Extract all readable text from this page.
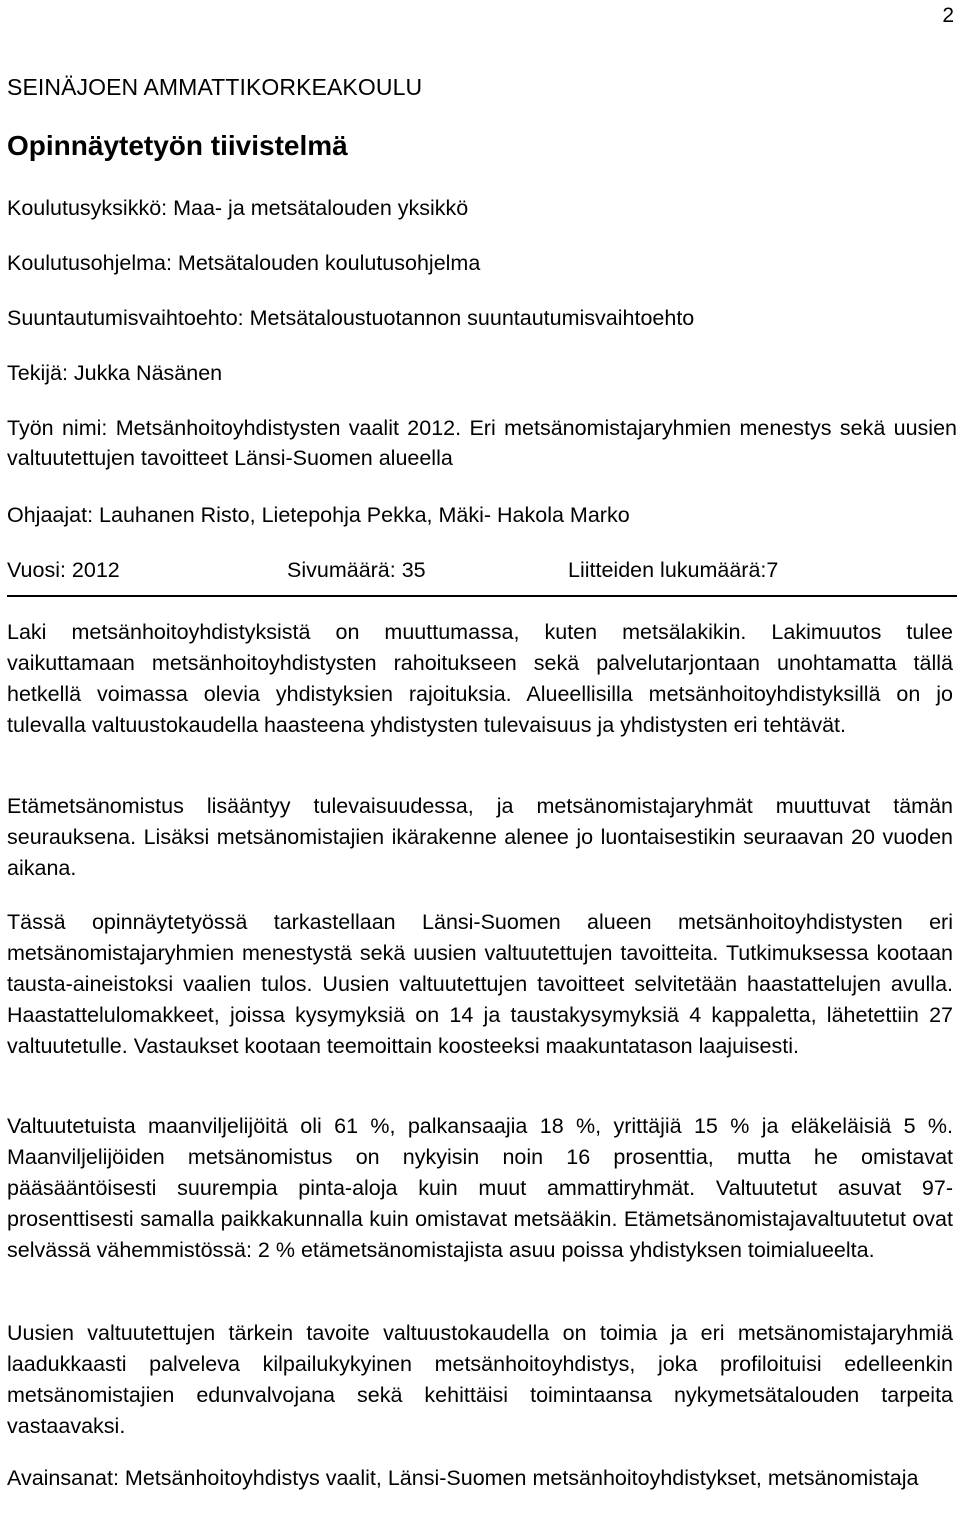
2
SEINÄJOEN AMMATTIKORKEAKOULU
Opinnäytetyön tiivistelmä
Koulutusyksikkö: Maa- ja metsätalouden yksikkö
Koulutusohjelma: Metsätalouden koulutusohjelma
Suuntautumisvaihtoehto: Metsätaloustuotannon suuntautumisvaihtoehto
Tekijä: Jukka Näsänen
Työn nimi: Metsänhoitoyhdistysten vaalit 2012. Eri metsänomistajaryhmien menestys sekä uusien valtuutettujen tavoitteet Länsi-Suomen alueella
Ohjaajat: Lauhanen Risto, Lietepohja Pekka, Mäki- Hakola Marko
Vuosi: 2012	Sivumäärä: 35	Liitteiden lukumäärä:7

Laki metsänhoitoyhdistyksistä on muuttumassa, kuten metsälakikin. Lakimuutos tulee vaikuttamaan metsänhoitoyhdistysten rahoitukseen sekä palvelutarjontaan unohtamatta tällä hetkellä voimassa olevia yhdistyksien rajoituksia. Alueellisilla metsänhoitoyhdistyksillä on jo tulevalla valtuustokaudella haasteena yhdistysten tulevaisuus ja yhdistysten eri tehtävät.

Etämetsänomistus lisääntyy tulevaisuudessa, ja metsänomistajaryhmät muuttuvat tämän seurauksena. Lisäksi metsänomistajien ikärakenne alenee jo luontaisestikin seuraavan 20 vuoden aikana.

Tässä opinnäytetyössä tarkastellaan Länsi-Suomen alueen metsänhoitoyhdistysten eri metsänomistajaryhmien menestystä sekä uusien valtuutettujen tavoitteita. Tutkimuksessa kootaan tausta-aineistoksi vaalien tulos. Uusien valtuutettujen tavoitteet selvitetään haastattelujen avulla. Haastattelulomakkeet, joissa kysymyksiä on 14 ja taustakysymyksiä 4 kappaletta, lähetettiin 27 valtuutetulle. Vastaukset kootaan teemoittain koosteeksi maakuntatason laajuisesti.

Valtuutetuista maanviljelijöitä oli 61 %, palkansaajia 18 %, yrittäjiä 15 % ja eläkeläisiä 5 %. Maanviljelijöiden metsänomistus on nykyisin noin 16 prosenttia, mutta he omistavat pääsääntöisesti suurempia pinta-aloja kuin muut ammattiryhmät. Valtuutetut asuvat 97-prosenttisesti samalla paikkakunnalla kuin omistavat metsääkin. Etämetsänomistajavaltuutetut ovat selvässä vähemmistössä: 2 % etämetsänomistajista asuu poissa yhdistyksen toimialueelta.

Uusien valtuutettujen tärkein tavoite valtuustokaudella on toimia ja eri metsänomistajaryhmiä laadukkaasti palveleva kilpailukykyinen metsänhoitoyhdistys, joka profiloituisi edelleenkin metsänomistajien edunvalvojana sekä kehittäisi toimintaansa nykymetsätalouden tarpeita vastaavaksi.

Avainsanat: Metsänhoitoyhdistys vaalit, Länsi-Suomen metsänhoitoyhdistykset, metsänomistaja
